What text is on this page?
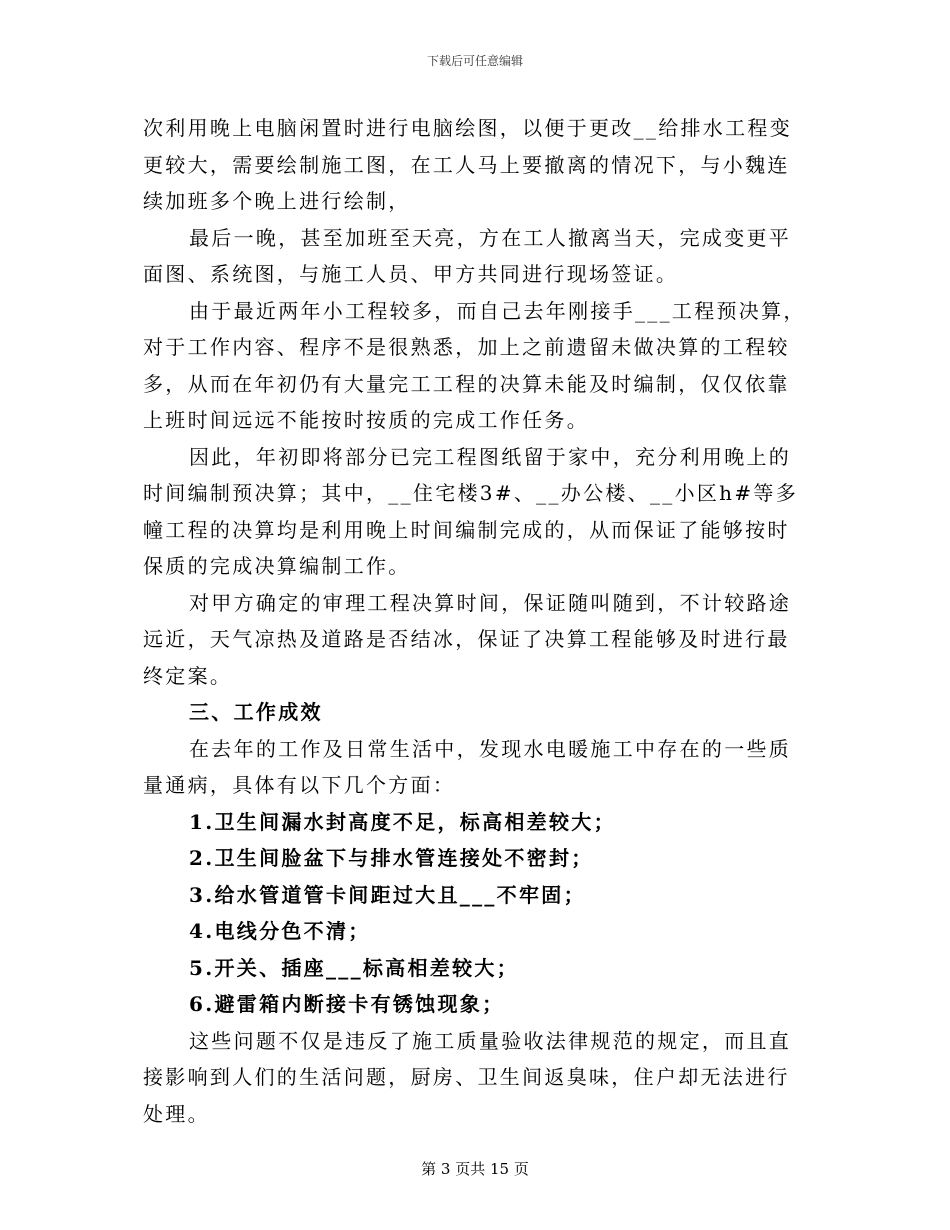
下载后可任意编辑

次利用晚上电脑闲置时进行电脑绘图，以便于更改__给排水工程变更较大，需要绘制施工图，在工人马上要撤离的情况下，与小魏连续加班多个晚上进行绘制，

最后一晚，甚至加班至天亮，方在工人撤离当天，完成变更平面图、系统图，与施工人员、甲方共同进行现场签证。

由于最近两年小工程较多，而自己去年刚接手___工程预决算，对于工作内容、程序不是很熟悉，加上之前遗留未做决算的工程较多，从而在年初仍有大量完工工程的决算未能及时编制，仅仅依靠上班时间远远不能按时按质的完成工作任务。

因此，年初即将部分已完工程图纸留于家中，充分利用晚上的时间编制预决算；其中，__住宅楼3#、__办公楼、__小区h#等多幢工程的决算均是利用晚上时间编制完成的，从而保证了能够按时保质的完成决算编制工作。

对甲方确定的审理工程决算时间，保证随叫随到，不计较路途远近，天气凉热及道路是否结冰，保证了决算工程能够及时进行最终定案。

三、工作成效

在去年的工作及日常生活中，发现水电暖施工中存在的一些质量通病，具体有以下几个方面：

1.卫生间漏水封高度不足，标高相差较大；

2.卫生间脸盆下与排水管连接处不密封；

3.给水管道管卡间距过大且___不牢固；

4.电线分色不清；

5.开关、插座___标高相差较大；

6.避雷箱内断接卡有锈蚀现象；

这些问题不仅是违反了施工质量验收法律规范的规定，而且直接影响到人们的生活问题，厨房、卫生间返臭味，住户却无法进行处理。

第 3 页共 15 页
